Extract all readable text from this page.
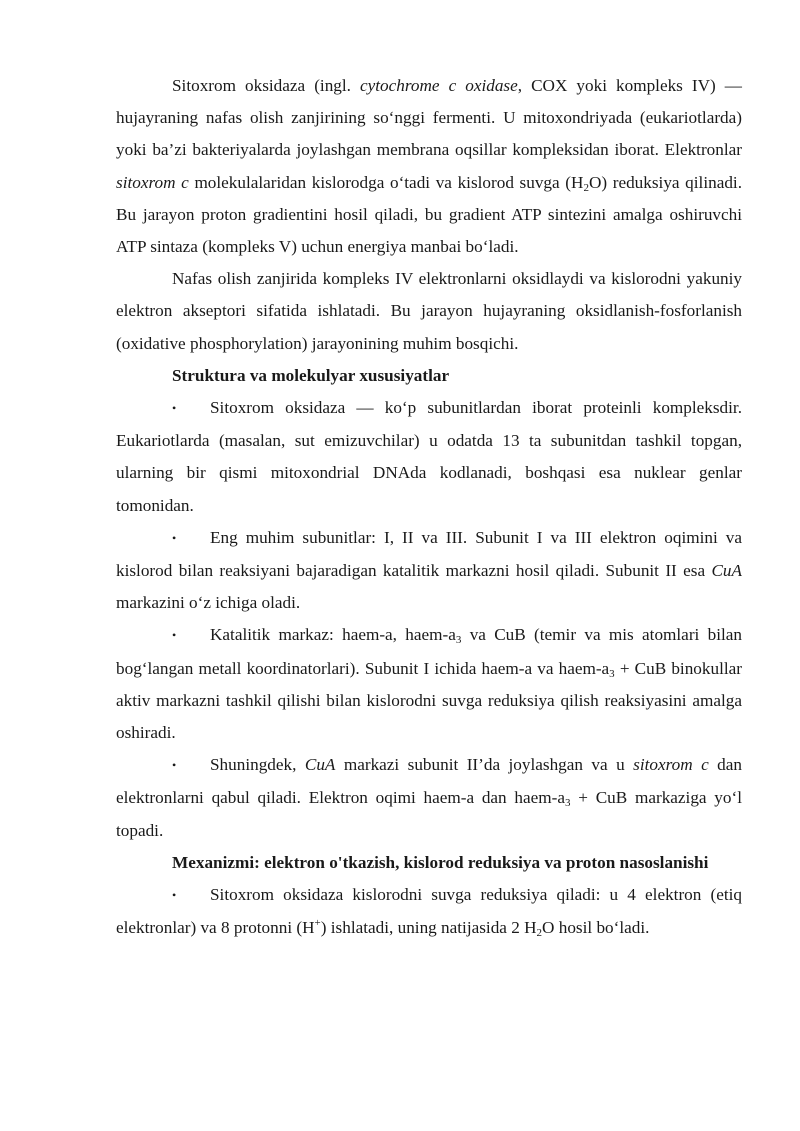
Sitoxrom oksidaza (ingl. cytochrome c oxidase, COX yoki kompleks IV) — hujayraning nafas olish zanjirining so‘nggi fermenti. U mitoxondriyada (eukariotlarda) yoki ba’zi bakteriyalarda joylashgan membrana oqsillar kompleksidan iborat. Elektronlar sitoxrom c molekulalaridan kislorodga o‘tadi va kislorod suvga $(H_2O)$ reduksiya qilinadi. Bu jarayon proton gradientini hosil qiladi, bu gradient ATP sintezini amalga oshiruvchi ATP sintaza (kompleks V) uchun energiya manbai bo‘ladi.

Nafas olish zanjirida kompleks IV elektronlarni oksidlaydi va kislorodni yakuniy elektron akseptori sifatida ishlatadi. Bu jarayon hujayraning oksidlanish-fosforlanish (oxidative phosphorylation) jarayonining muhim bosqichi.

Struktura va molekulyar xususiyatlar

•Sitoxrom oksidaza — ko‘p subunitlardan iborat proteinli kompleksdir. Eukariotlarda (masalan, sut emizuvchilar) u odatda 13 ta subunitdan tashkil topgan, ularning bir qismi mitoxondrial DNAda kodlanadi, boshqasi esa nuklear genlar tomonidan.

•Eng muhim subunitlar: I, II va III. Subunit I va III elektron oqimini va kislorod bilan reaksiyani bajaradigan katalitik markazni hosil qiladi. Subunit II esa CuA markazini o‘z ichiga oladi.

•Katalitik markaz: haem-a, haem-$a_3$ va CuB (temir va mis atomlari bilan bog‘langan metall koordinatorlari). Subunit I ichida haem-a va haem-$a_3$ + CuB binokullar aktiv markazni tashkil qilishi bilan kislorodni suvga reduksiya qilish reaksiyasini amalga oshiradi.

•Shuningdek, CuA markazi subunit II’da joylashgan va u sitoxrom c dan elektronlarni qabul qiladi. Elektron oqimi haem-a dan haem-$a_3$ + CuB markaziga yo‘l topadi.

Mexanizmi: elektron o'tkazish, kislorod reduksiya va proton nasoslanishi

•Sitoxrom oksidaza kislorodni suvga reduksiya qiladi: u 4 elektron (etiq elektronlar) va 8 protonni (H+) ishlatadi, uning natijasida 2 $H_2O$ hosil bo‘ladi.
